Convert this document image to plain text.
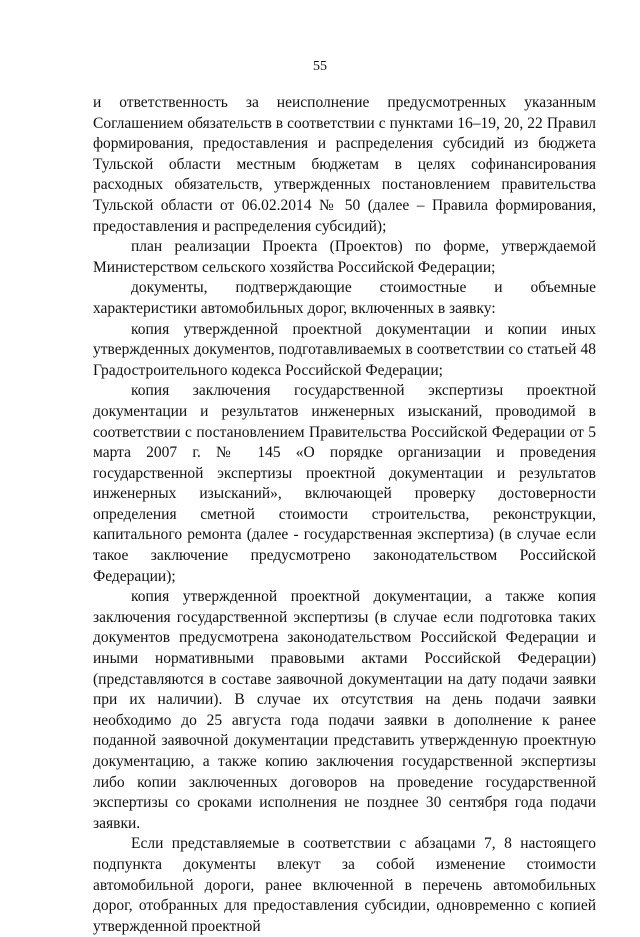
55

и ответственность за неисполнение предусмотренных указанным Соглашением обязательств в соответствии с пунктами 16–19, 20, 22 Правил формирования, предоставления и распределения субсидий из бюджета Тульской области местным бюджетам в целях софинансирования расходных обязательств, утвержденных постановлением правительства Тульской области от 06.02.2014 № 50 (далее – Правила формирования, предоставления и распределения субсидий);

план реализации Проекта (Проектов) по форме, утверждаемой Министерством сельского хозяйства Российской Федерации;

документы, подтверждающие стоимостные и объемные характеристики автомобильных дорог, включенных в заявку:

копия утвержденной проектной документации и копии иных утвержденных документов, подготавливаемых в соответствии со статьей 48 Градостроительного кодекса Российской Федерации;

копия заключения государственной экспертизы проектной документации и результатов инженерных изысканий, проводимой в соответствии с постановлением Правительства Российской Федерации от 5 марта 2007 г. № 145 «О порядке организации и проведения государственной экспертизы проектной документации и результатов инженерных изысканий», включающей проверку достоверности определения сметной стоимости строительства, реконструкции, капитального ремонта (далее - государственная экспертиза) (в случае если такое заключение предусмотрено законодательством Российской Федерации);

копия утвержденной проектной документации, а также копия заключения государственной экспертизы (в случае если подготовка таких документов предусмотрена законодательством Российской Федерации и иными нормативными правовыми актами Российской Федерации) (представляются в составе заявочной документации на дату подачи заявки при их наличии). В случае их отсутствия на день подачи заявки необходимо до 25 августа года подачи заявки в дополнение к ранее поданной заявочной документации представить утвержденную проектную документацию, а также копию заключения государственной экспертизы либо копии заключенных договоров на проведение государственной экспертизы со сроками исполнения не позднее 30 сентября года подачи заявки.

Если представляемые в соответствии с абзацами 7, 8 настоящего подпункта документы влекут за собой изменение стоимости автомобильной дороги, ранее включенной в перечень автомобильных дорог, отобранных для предоставления субсидии, одновременно с копией утвержденной проектной
